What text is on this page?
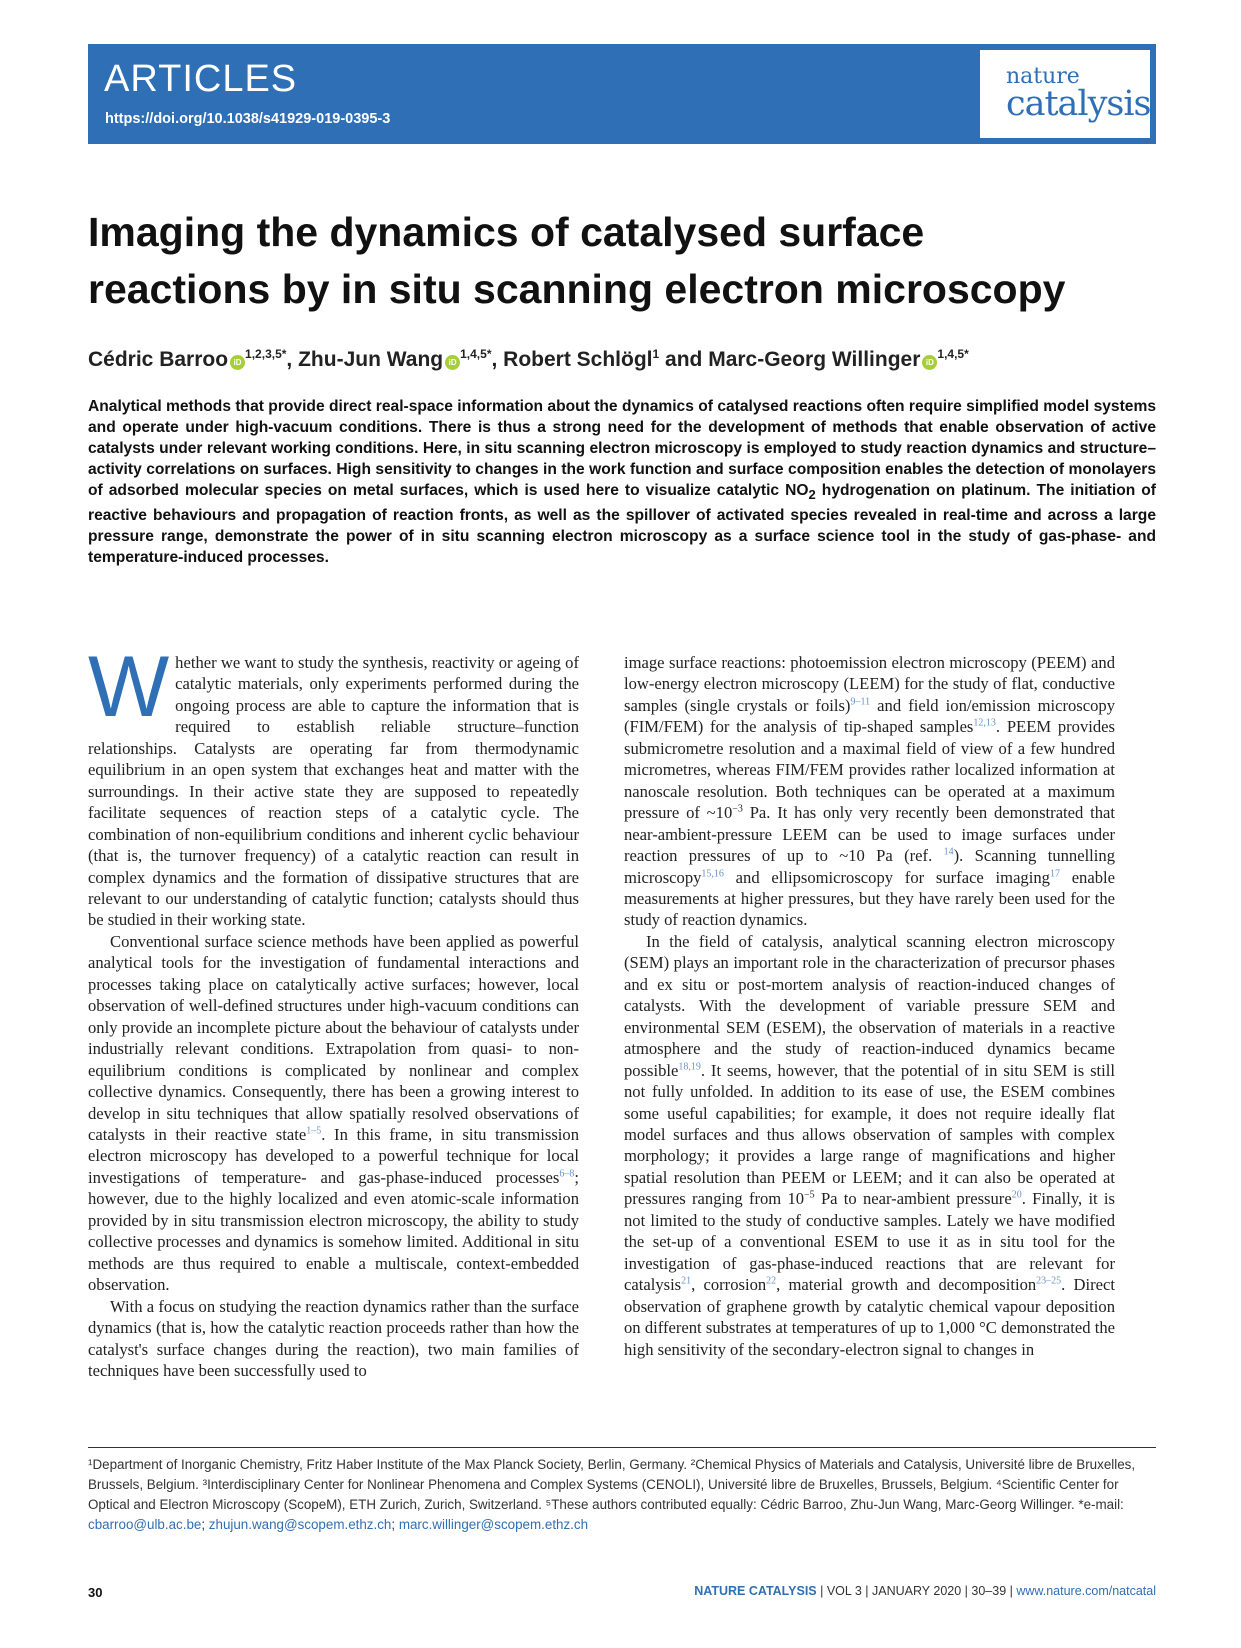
ARTICLES
https://doi.org/10.1038/s41929-019-0395-3
nature
catalysis
Imaging the dynamics of catalysed surface
reactions by in situ scanning electron microscopy
Cédric Barroo $iD^{1,2,3,5*}$, Zhu-Jun Wang $iD^{1,4,5*}$, Robert Schlögl$^1$ and Marc-Georg Willinger $iD^{1,4,5*}$

Analytical methods that provide direct real-space information about the dynamics of catalysed reactions often require simplified model systems and operate under high-vacuum conditions. There is thus a strong need for the development of methods that enable observation of active catalysts under relevant working conditions. Here, in situ scanning electron microscopy is employed to study reaction dynamics and structure–activity correlations on surfaces. High sensitivity to changes in the work function and surface composition enables the detection of monolayers of adsorbed molecular species on metal surfaces, which is used here to visualize catalytic $NO_2$ hydrogenation on platinum. The initiation of reactive behaviours and propagation of reaction fronts, as well as the spillover of activated species revealed in real-time and across a large pressure range, demonstrate the power of in situ scanning electron microscopy as a surface science tool in the study of gas-phase- and temperature-induced processes.

Whether we want to study the synthesis, reactivity or ageing of catalytic materials, only experiments performed during the ongoing process are able to capture the information that is required to establish reliable structure–function relationships. Catalysts are operating far from thermodynamic equilibrium in an open system that exchanges heat and matter with the surroundings. In their active state they are supposed to repeatedly facilitate sequences of reaction steps of a catalytic cycle. The combination of non-equilibrium conditions and inherent cyclic behaviour (that is, the turnover frequency) of a catalytic reaction can result in complex dynamics and the formation of dissipative structures that are relevant to our understanding of catalytic function; catalysts should thus be studied in their working state.

Conventional surface science methods have been applied as powerful analytical tools for the investigation of fundamental interactions and processes taking place on catalytically active surfaces; however, local observation of well-defined structures under high-vacuum conditions can only provide an incomplete picture about the behaviour of catalysts under industrially relevant conditions. Extrapolation from quasi- to non-equilibrium conditions is complicated by nonlinear and complex collective dynamics. Consequently, there has been a growing interest to develop in situ techniques that allow spatially resolved observations of catalysts in their reactive state$^{1-5}$. In this frame, in situ transmission electron microscopy has developed to a powerful technique for local investigations of temperature- and gas-phase-induced processes$^{6-8}$; however, due to the highly localized and even atomic-scale information provided by in situ transmission electron microscopy, the ability to study collective processes and dynamics is somehow limited. Additional in situ methods are thus required to enable a multiscale, context-embedded observation.

With a focus on studying the reaction dynamics rather than the surface dynamics (that is, how the catalytic reaction proceeds rather than how the catalyst's surface changes during the reaction), two main families of techniques have been successfully used to

image surface reactions: photoemission electron microscopy (PEEM) and low-energy electron microscopy (LEEM) for the study of flat, conductive samples (single crystals or foils)$^{9-11}$ and field ion/emission microscopy (FIM/FEM) for the analysis of tip-shaped samples$^{12,13}$. PEEM provides submicrometre resolution and a maximal field of view of a few hundred micrometres, whereas FIM/FEM provides rather localized information at nanoscale resolution. Both techniques can be operated at a maximum pressure of $\sim 10^{-3}$ Pa. It has only very recently been demonstrated that near-ambient-pressure LEEM can be used to image surfaces under reaction pressures of up to ~10 Pa (ref. $^{14}$). Scanning tunnelling microscopy$^{15,16}$ and ellipsomicroscopy for surface imaging$^{17}$ enable measurements at higher pressures, but they have rarely been used for the study of reaction dynamics.

In the field of catalysis, analytical scanning electron microscopy (SEM) plays an important role in the characterization of precursor phases and ex situ or post-mortem analysis of reaction-induced changes of catalysts. With the development of variable pressure SEM and environmental SEM (ESEM), the observation of materials in a reactive atmosphere and the study of reaction-induced dynamics became possible$^{18,19}$. It seems, however, that the potential of in situ SEM is still not fully unfolded. In addition to its ease of use, the ESEM combines some useful capabilities; for example, it does not require ideally flat model surfaces and thus allows observation of samples with complex morphology; it provides a large range of magnifications and higher spatial resolution than PEEM or LEEM; and it can also be operated at pressures ranging from $10^{-5}$ Pa to near-ambient pressure$^{20}$. Finally, it is not limited to the study of conductive samples. Lately we have modified the set-up of a conventional ESEM to use it as in situ tool for the investigation of gas-phase-induced reactions that are relevant for catalysis$^{21}$, corrosion$^{22}$, material growth and decomposition$^{23-25}$. Direct observation of graphene growth by catalytic chemical vapour deposition on different substrates at temperatures of up to 1,000 °C demonstrated the high sensitivity of the secondary-electron signal to changes in

¹Department of Inorganic Chemistry, Fritz Haber Institute of the Max Planck Society, Berlin, Germany. ²Chemical Physics of Materials and Catalysis, Université libre de Bruxelles, Brussels, Belgium. ³Interdisciplinary Center for Nonlinear Phenomena and Complex Systems (CENOLI), Université libre de Bruxelles, Brussels, Belgium. ⁴Scientific Center for Optical and Electron Microscopy (ScopeM), ETH Zurich, Zurich, Switzerland. ⁵These authors contributed equally: Cédric Barroo, Zhu-Jun Wang, Marc-Georg Willinger. *e-mail: cbarroo@ulb.ac.be; zhujun.wang@scopem.ethz.ch; marc.willinger@scopem.ethz.ch

30	NATURE CATALYSIS | VOL 3 | JANUARY 2020 | 30–39 | www.nature.com/natcatal
